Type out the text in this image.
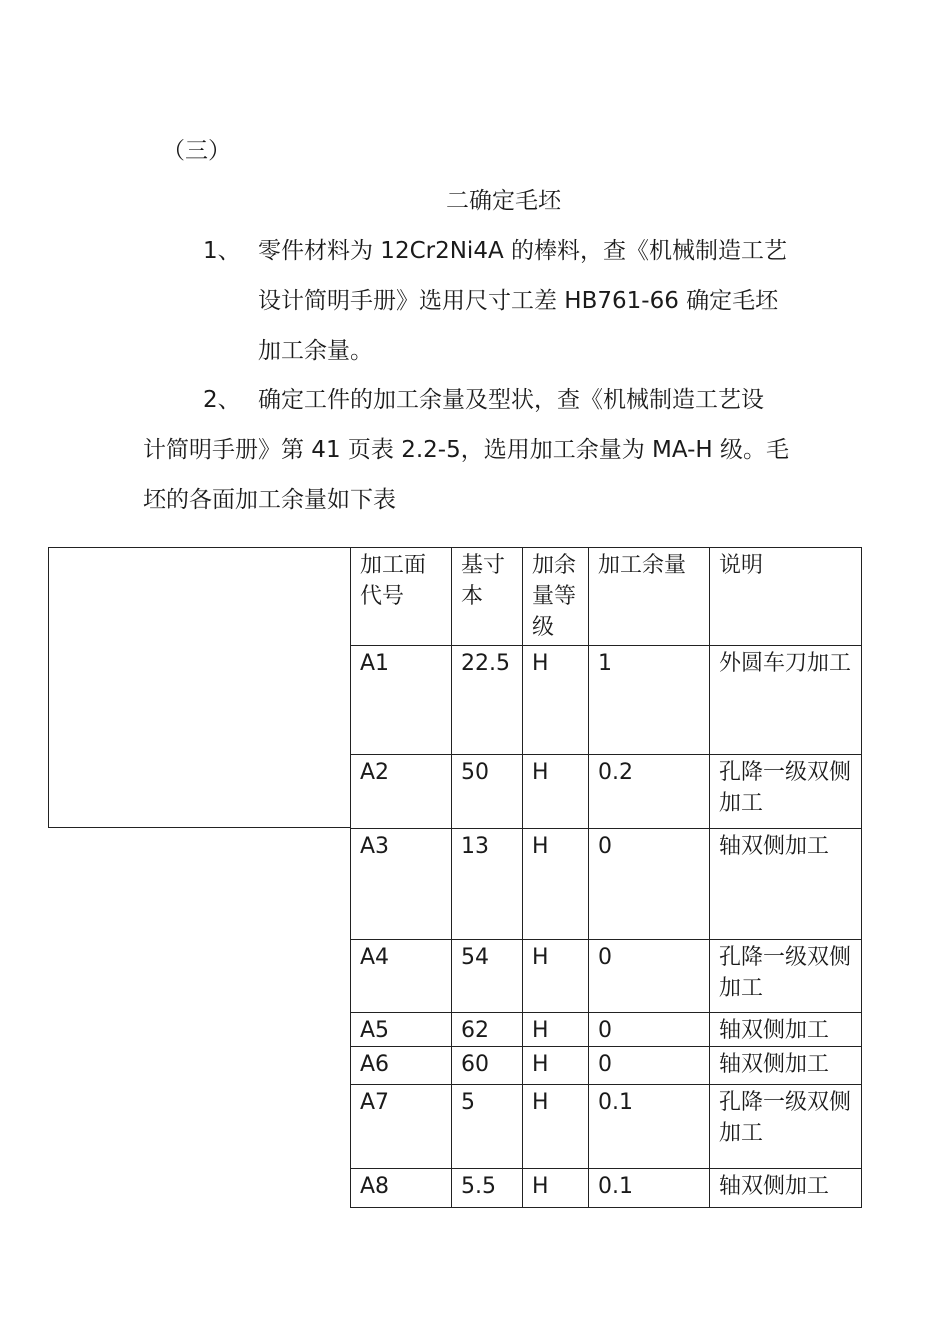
（三）
二确定毛坯
1、 零件材料为 12Cr2Ni4A 的棒料，查《机械制造工艺
设计简明手册》选用尺寸工差 HB761-66 确定毛坯
加工余量。
2、 确定工件的加工余量及型状，查《机械制造工艺设
计简明手册》第 41 页表 2.2-5，选用加工余量为 MA-H 级。毛
坯的各面加工余量如下表
加工面代号	基寸本	加余量等级	加工余量	说明
A1	22.5	H	1	外圆车刀加工
A2	50	H	0.2	孔降一级双侧加工
A3	13	H	0	轴双侧加工
A4	54	H	0	孔降一级双侧加工
A5	62	H	0	轴双侧加工
A6	60	H	0	轴双侧加工
A7	5	H	0.1	孔降一级双侧加工
A8	5.5	H	0.1	轴双侧加工
